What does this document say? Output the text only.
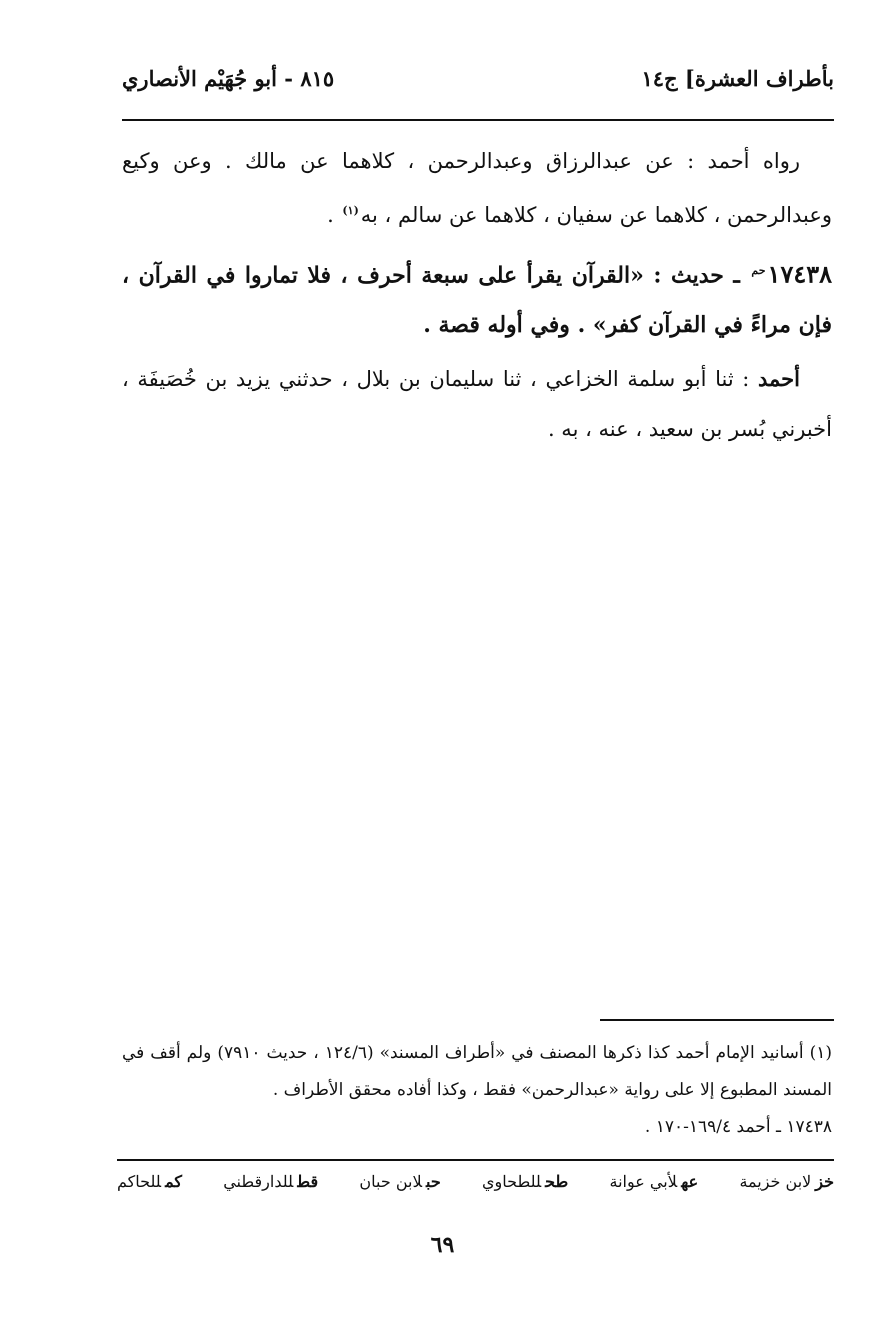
بأطراف العشرة] ج١٤
٨١٥ - أبو جُهَيْم الأنصاري

رواه أحمد : عن عبدالرزاق وعبدالرحمن ، كلاهما عن مالك . وعن وكيع وعبدالرحمن ، كلاهما عن سفيان ، كلاهما عن سالم ، به$^{(١)}$ .

$١٧٤٣٨^{حم}$ ـ حديث : «القرآن يقرأ على سبعة أحرف ، فلا تماروا في القرآن ، فإن مراءً في القرآن كفر» . وفي أوله قصة .

أحمد : ثنا أبو سلمة الخزاعي ، ثنا سليمان بن بلال ، حدثني يزيد بن خُصَيفَة ، أخبرني بُسر بن سعيد ، عنه ، به .

(١) أسانيد الإمام أحمد كذا ذكرها المصنف في «أطراف المسند» (١٢٤/٦ ، حديث ٧٩١٠) ولم أقف في المسند المطبوع إلا على رواية «عبدالرحمن» فقط ، وكذا أفاده محقق الأطراف .

١٧٤٣٨ ـ أحمد ١٦٩/٤-١٧٠ .

خزلابن خزيمة
عهلأبي عوانة
طحللطحاوي
حبلابن حبان
قطللدارقطني
كمللحاكم
٦٩
